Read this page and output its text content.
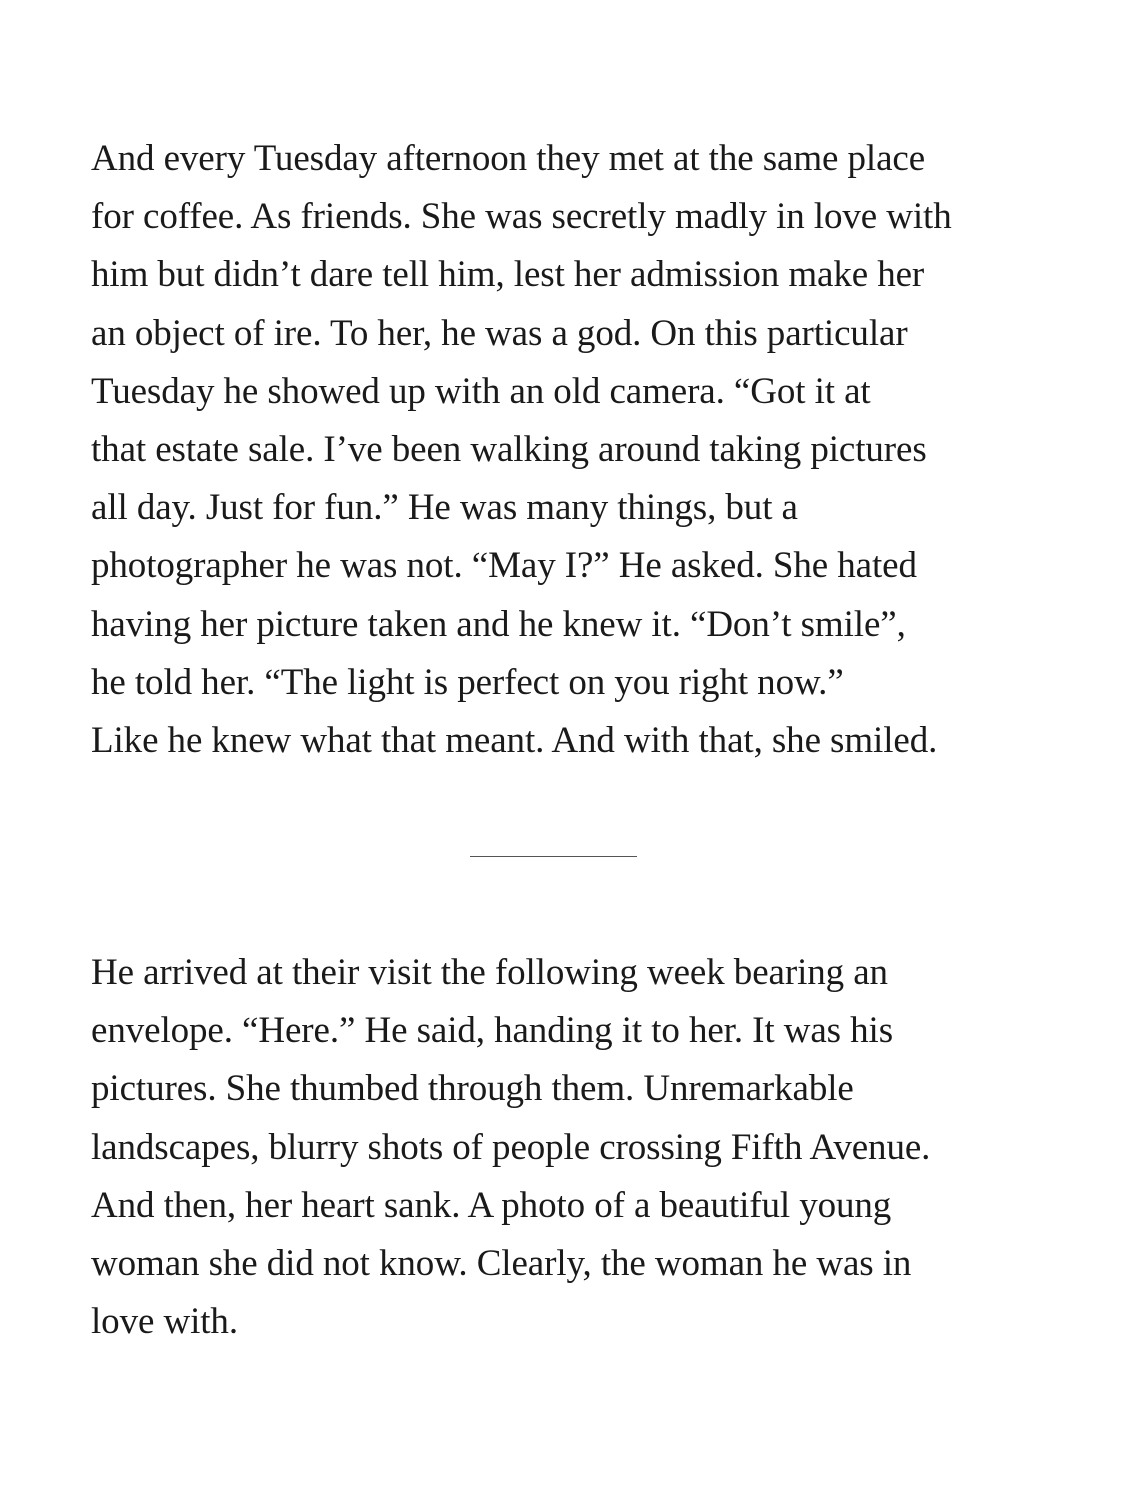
And every Tuesday afternoon they met at the same place
for coffee. As friends. She was secretly madly in love with
him but didn’t dare tell him, lest her admission make her
an object of ire. To her, he was a god. On this particular
Tuesday he showed up with an old camera. “Got it at
that estate sale. I’ve been walking around taking pictures
all day. Just for fun.” He was many things, but a
photographer he was not. “May I?” He asked. She hated
having her picture taken and he knew it. “Don’t smile”,
he told her. “The light is perfect on you right now.”
Like he knew what that meant. And with that, she smiled.

He arrived at their visit the following week bearing an
envelope. “Here.” He said, handing it to her. It was his
pictures. She thumbed through them. Unremarkable
landscapes, blurry shots of people crossing Fifth Avenue.
And then, her heart sank. A photo of a beautiful young
woman she did not know. Clearly, the woman he was in
love with.
